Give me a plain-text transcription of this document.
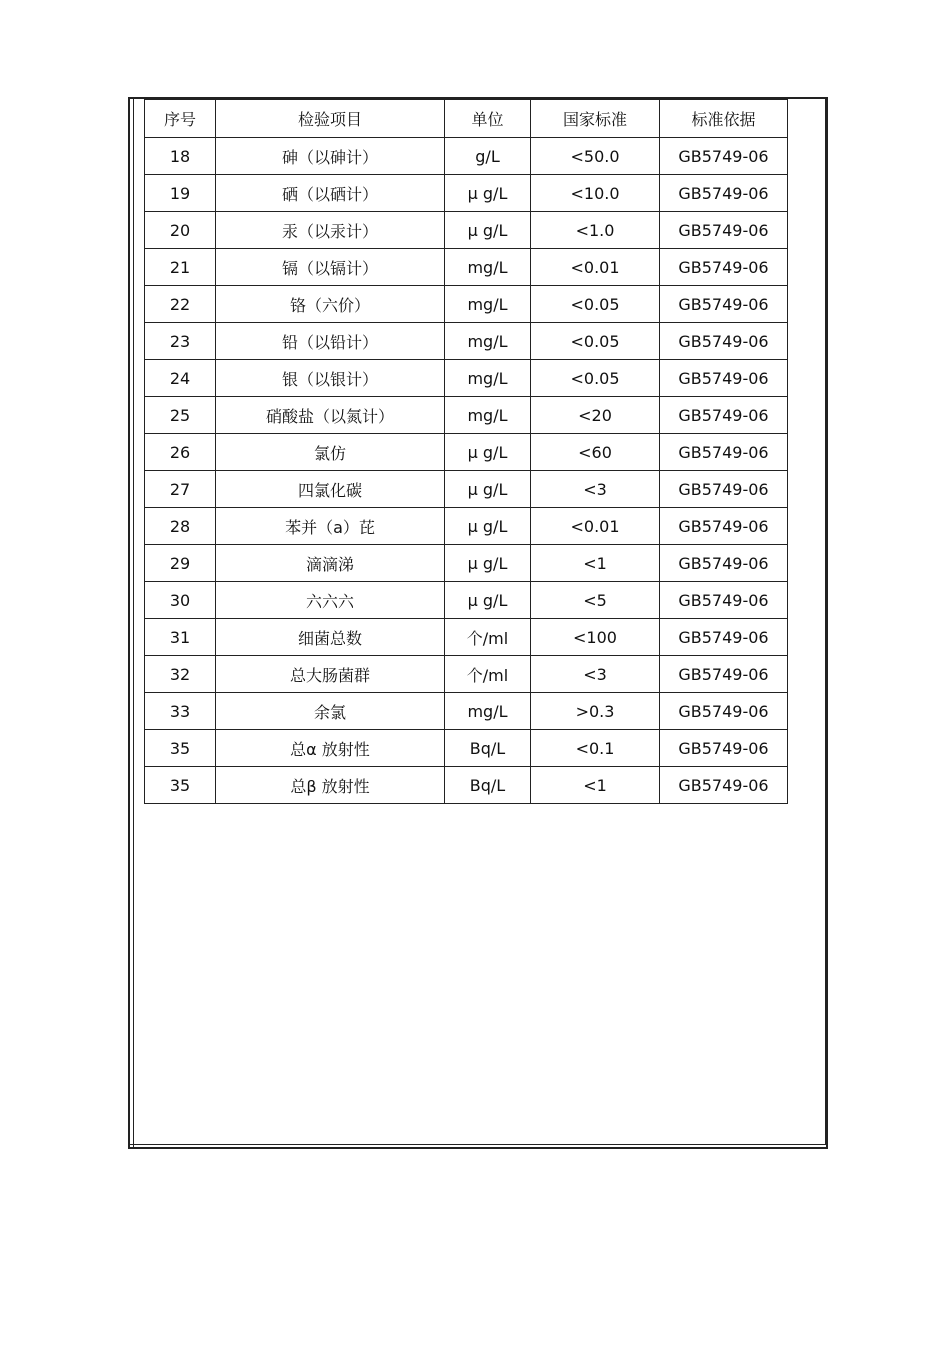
序号	检验项目	单位	国家标准	标准依据
18	砷（以砷计）	g/L	<50.0	GB5749-06
19	硒（以硒计）	μ g/L	<10.0	GB5749-06
20	汞（以汞计）	μ g/L	<1.0	GB5749-06
21	镉（以镉计）	mg/L	<0.01	GB5749-06
22	铬（六价）	mg/L	<0.05	GB5749-06
23	铅（以铅计）	mg/L	<0.05	GB5749-06
24	银（以银计）	mg/L	<0.05	GB5749-06
25	硝酸盐（以氮计）	mg/L	<20	GB5749-06
26	氯仿	μ g/L	<60	GB5749-06
27	四氯化碳	μ g/L	<3	GB5749-06
28	苯并（a）芘	μ g/L	<0.01	GB5749-06
29	滴滴涕	μ g/L	<1	GB5749-06
30	六六六	μ g/L	<5	GB5749-06
31	细菌总数	个/ml	<100	GB5749-06
32	总大肠菌群	个/ml	<3	GB5749-06
33	余氯	mg/L	>0.3	GB5749-06
35	总α 放射性	Bq/L	<0.1	GB5749-06
35	总β 放射性	Bq/L	<1	GB5749-06
